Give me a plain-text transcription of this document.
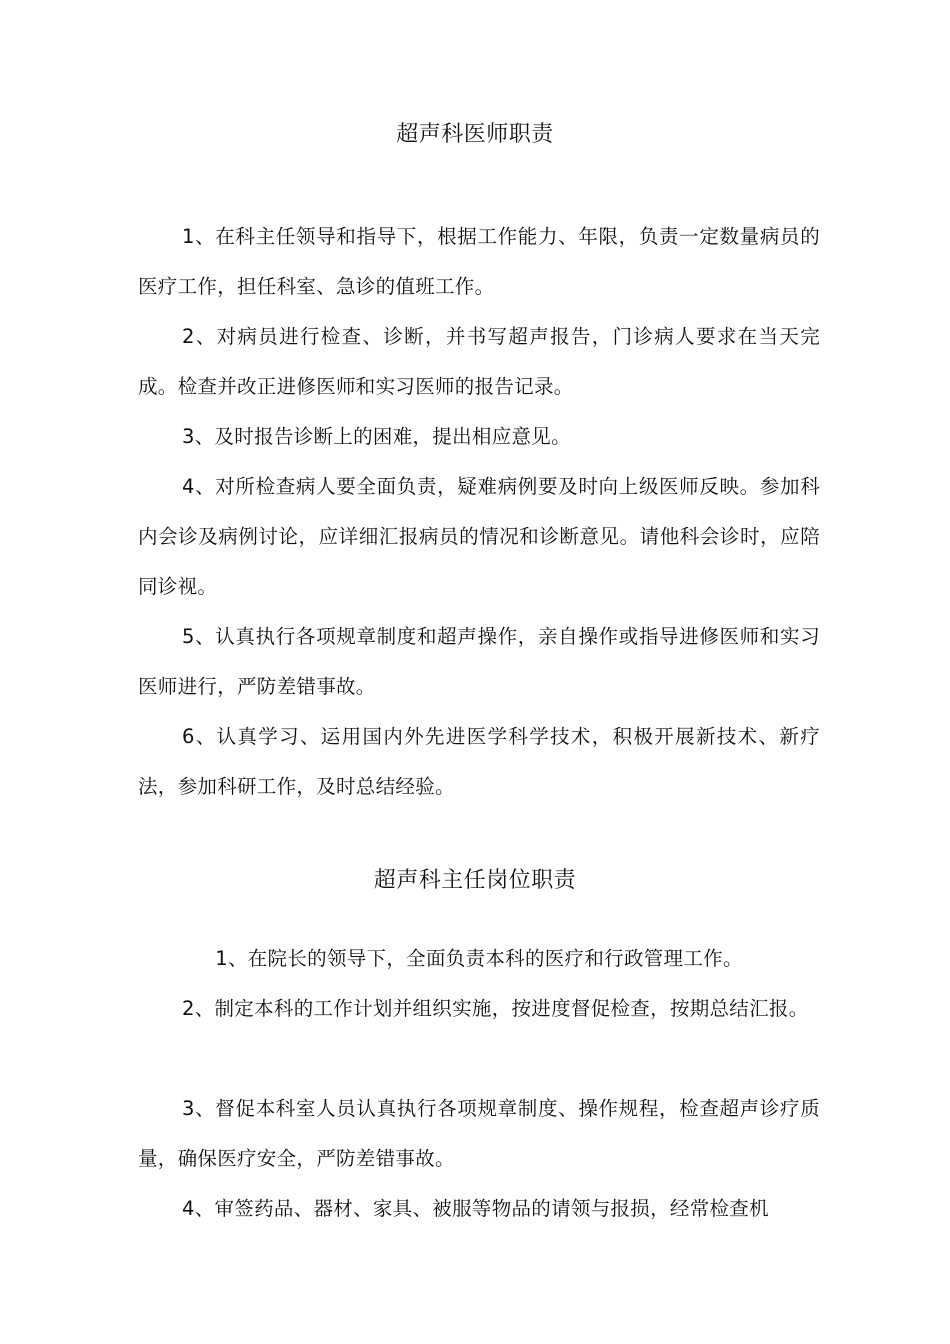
超声科医师职责

1、在科主任领导和指导下，根据工作能力、年限，负责一定数量病员的医疗工作，担任科室、急诊的值班工作。

2、对病员进行检查、诊断，并书写超声报告，门诊病人要求在当天完成。检查并改正进修医师和实习医师的报告记录。

3、及时报告诊断上的困难，提出相应意见。

4、对所检查病人要全面负责，疑难病例要及时向上级医师反映。参加科内会诊及病例讨论，应详细汇报病员的情况和诊断意见。请他科会诊时，应陪同诊视。

5、认真执行各项规章制度和超声操作，亲自操作或指导进修医师和实习医师进行，严防差错事故。

6、认真学习、运用国内外先进医学科学技术，积极开展新技术、新疗法，参加科研工作，及时总结经验。

超声科主任岗位职责

1、在院长的领导下，全面负责本科的医疗和行政管理工作。

2、制定本科的工作计划并组织实施，按进度督促检查，按期总结汇报。

3、督促本科室人员认真执行各项规章制度、操作规程，检查超声诊疗质量，确保医疗安全，严防差错事故。

4、审签药品、器材、家具、被服等物品的请领与报损，经常检查机
